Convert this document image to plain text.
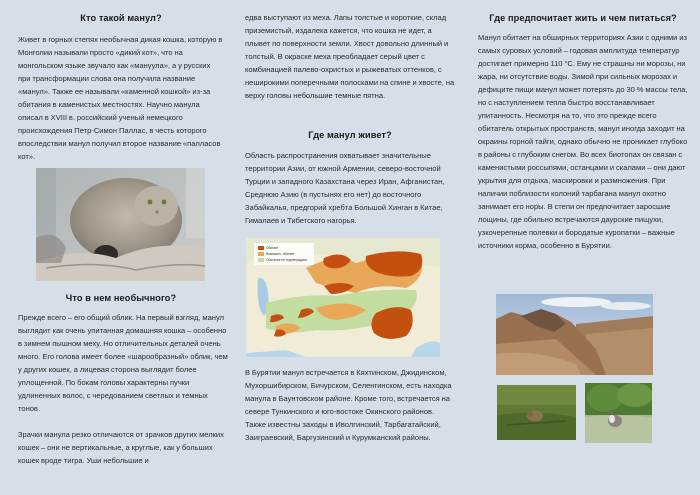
Кто такой манул?

Живет в горных степях необычная дикая кошка, которую в Монголии называли просто «дикий кот», что на монгольском языке звучало как «манүула», а у русских при трансформации слова она получила название «манул». Также ее называли «каменной кошкой» из-за обитания в каменистых местностях. Научно манула описал в XVIII в. российский ученый немецкого происхождения Петр-Симон Паллас, в честь которого впоследствии манул получил второе название «палласов кот».

Что в нем необычного?

Прежде всего – его общий облик. На первый взгляд, манул выглядит как очень упитанная домашняя кошка – особенно в зимнем пышном меху. Но отличительных деталей очень много. Его голова имеет более «шарообразный» облик, чем у других кошек, а лицевая сторона выглядит более уплощенной. По бокам головы характерны пучки удлиненных волос, с чередованием светлых и темных тонов.

Зрачки манула резко отличаются от зрачков других мелких кошек – они не вертикальные, а круглые, как у больших кошек вроде тигра. Уши небольшие и

едва выступают из меха. Лапы толстые и короткие, склад приземистый, издалека кажется, что кошка не идет, а плывет по поверхности земли. Хвост довольно длинный и толстый. В окраске меха преобладает серый цвет с комбинацией палево-охристых и рыжеватых оттенков, с неширокими поперечными полосками на спине и хвосте, на верху головы небольшие темные пятна.

Где манул живет?

Область распространения охватывает значительные территории Азии, от южной Армении, северо-восточной Турции и западного Казахстана через Иран, Афганистан, Среднюю Азию (в пустынях его нет) до восточного Забайкалья, предгорий хребта Большой Хинган в Китае, Гималаев и Тибетского нагорья.

Обитает
Возможно, обитает
Обитание не подтверждено

В Бурятии манул встречается в Кяхтинском, Джидинском, Мухоршибирском, Бичурском, Селенгинском, есть находка манула в Баунтовском районе. Кроме того, встречается на севере Тункинского и юго-востоке Окинского районов. Также известны заходы в Иволгинский, Тарбагатайский, Заиграевский, Баргузинский и Курумканский районы.

Где предпочитает жить и чем питаться?

Манул обитает на обширных территориях Азии с одними из самых суровых условий – годовая амплитуда температур достигает примерно 110 °С. Ему не страшны ни морозы, ни жара, ни отсутствие воды. Зимой при сильных морозах и дефиците пищи манул может потерять до 30 % массы тела, но с наступлением тепла быстро восстанавливает упитанность. Несмотря на то, что это прежде всего обитатель открытых пространств, манул иногда заходит на окраины горной тайги, однако обычно не проникает глубоко в районы с глубоким снегом. Во всех биотопах он связан с каменистыми россыпями, останцами и скалами – они дают укрытия для отдыха, маскировки и размножения. При наличии поблизости колоний тарбагана манул охотно занимает его норы. В степи он предпочитает заросшие лощины, где обильно встречаются даурские пищухи, узкочерепные полевки и бородатые куропатки – важные источники корма, особенно в Бурятии.
